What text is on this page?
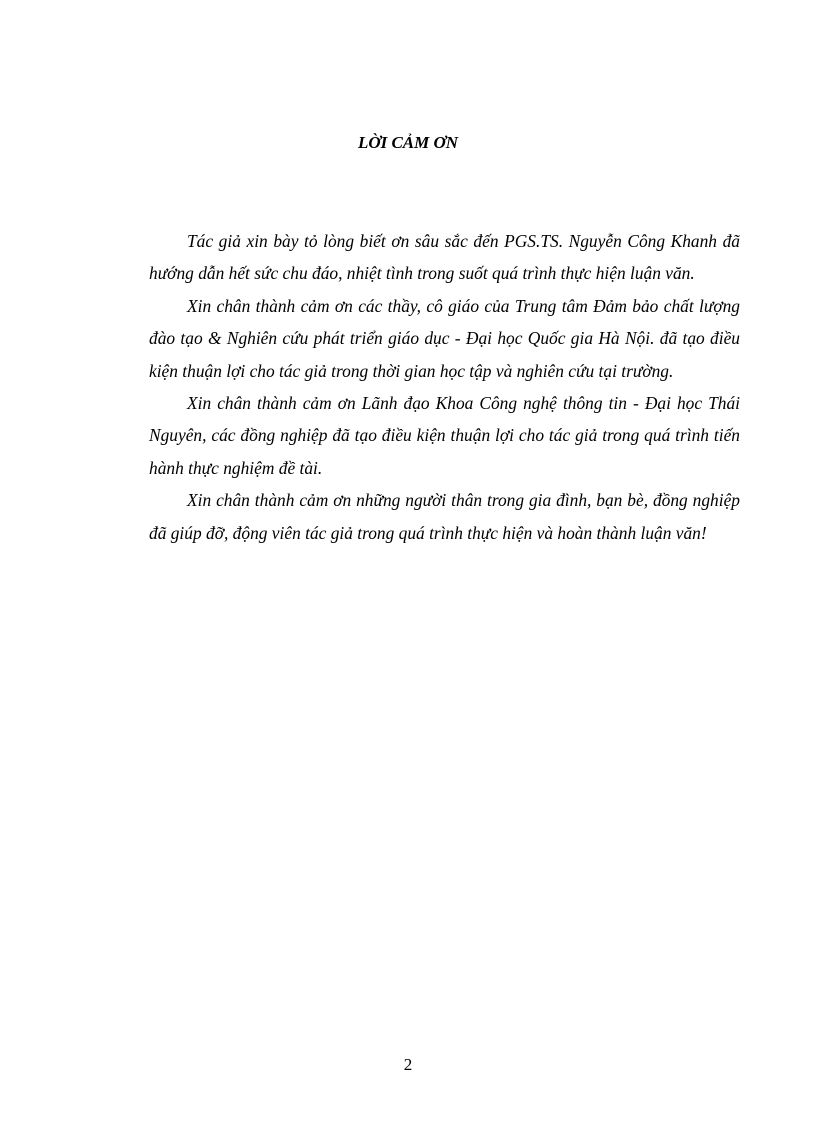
LỜI CẢM ƠN

Tác giả xin bày tỏ lòng biết ơn sâu sắc đến PGS.TS. Nguyễn Công Khanh đã hướng dẫn hết sức chu đáo, nhiệt tình trong suốt quá trình thực hiện luận văn.

Xin chân thành cảm ơn các thầy, cô giáo của Trung tâm Đảm bảo chất lượng đào tạo & Nghiên cứu phát triển giáo dục - Đại học Quốc gia Hà Nội. đã tạo điều kiện thuận lợi cho tác giả trong thời gian học tập và nghiên cứu tại trường.

Xin chân thành cảm ơn Lãnh đạo Khoa Công nghệ thông tin - Đại học Thái Nguyên, các đồng nghiệp đã tạo điều kiện thuận lợi cho tác giả trong quá trình tiến hành thực nghiệm đề tài.

Xin chân thành cảm ơn những người thân trong gia đình, bạn bè, đồng nghiệp đã giúp đỡ, động viên tác giả trong quá trình thực hiện và hoàn thành luận văn!

2
